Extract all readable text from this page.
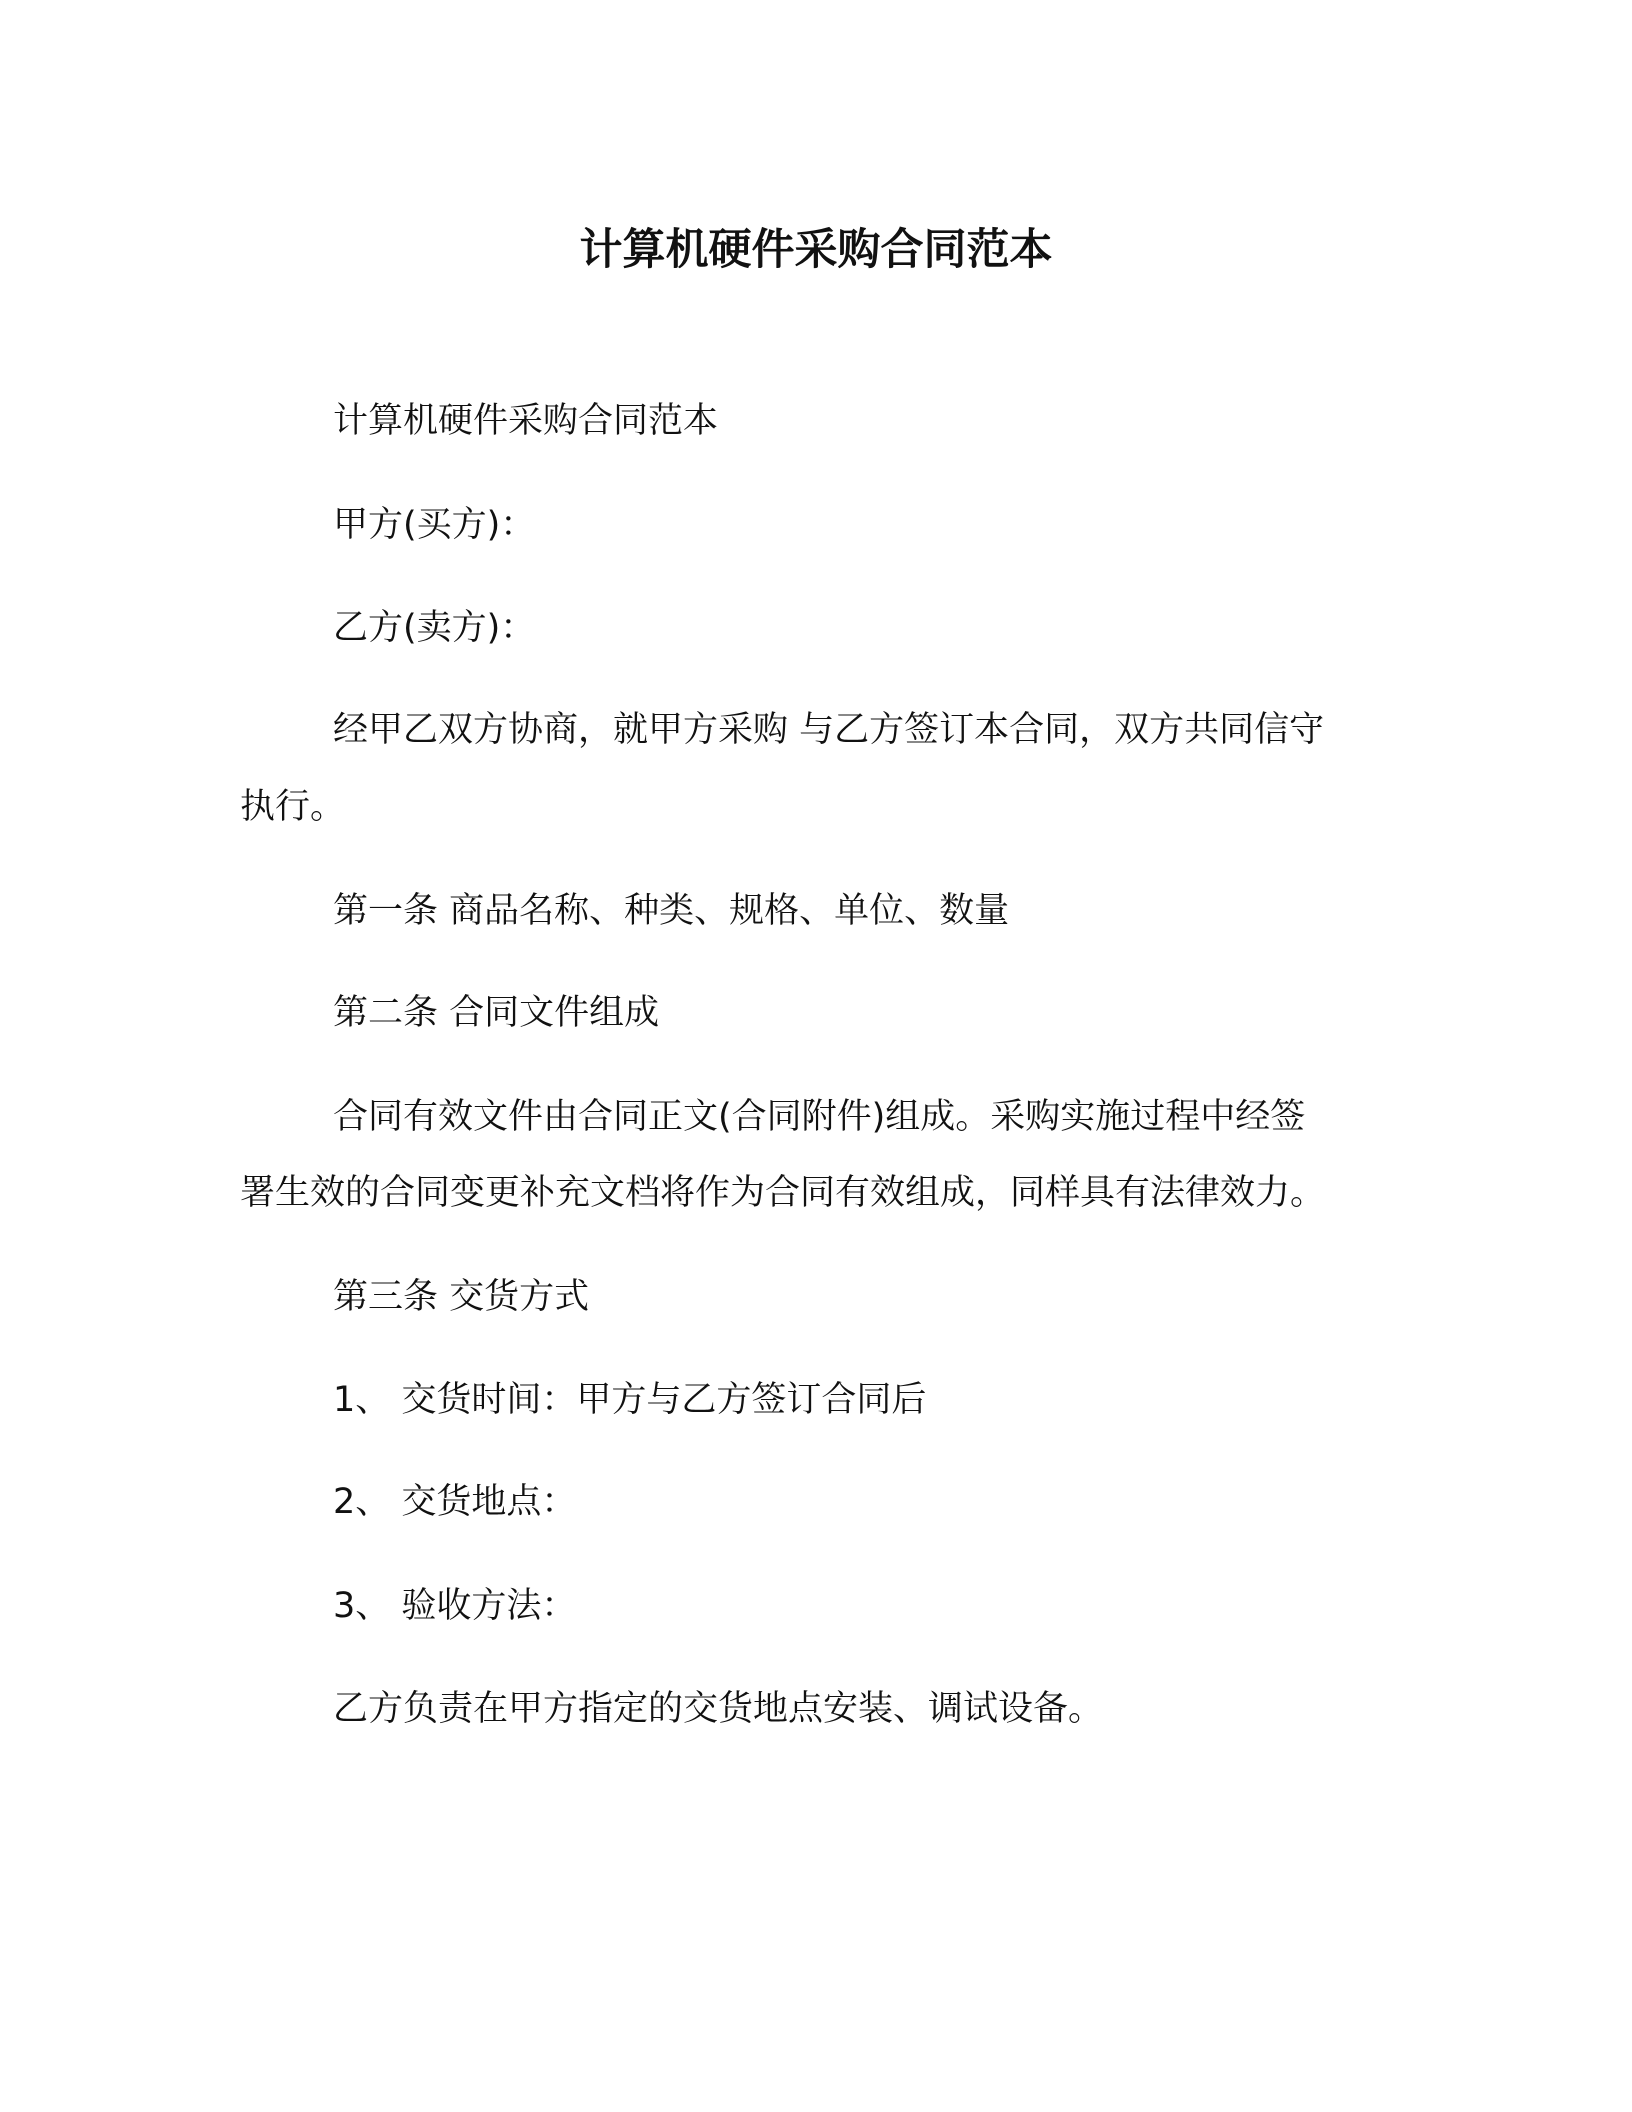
计算机硬件采购合同范本

计算机硬件采购合同范本

甲方(买方)：

乙方(卖方)：

经甲乙双方协商，就甲方采购 与乙方签订本合同，双方共同信守

执行。

第一条 商品名称、种类、规格、单位、数量

第二条 合同文件组成

合同有效文件由合同正文(合同附件)组成。采购实施过程中经签

署生效的合同变更补充文档将作为合同有效组成，同样具有法律效力。

第三条 交货方式

1、 交货时间：甲方与乙方签订合同后

2、 交货地点：

3、 验收方法：

乙方负责在甲方指定的交货地点安装、调试设备。
